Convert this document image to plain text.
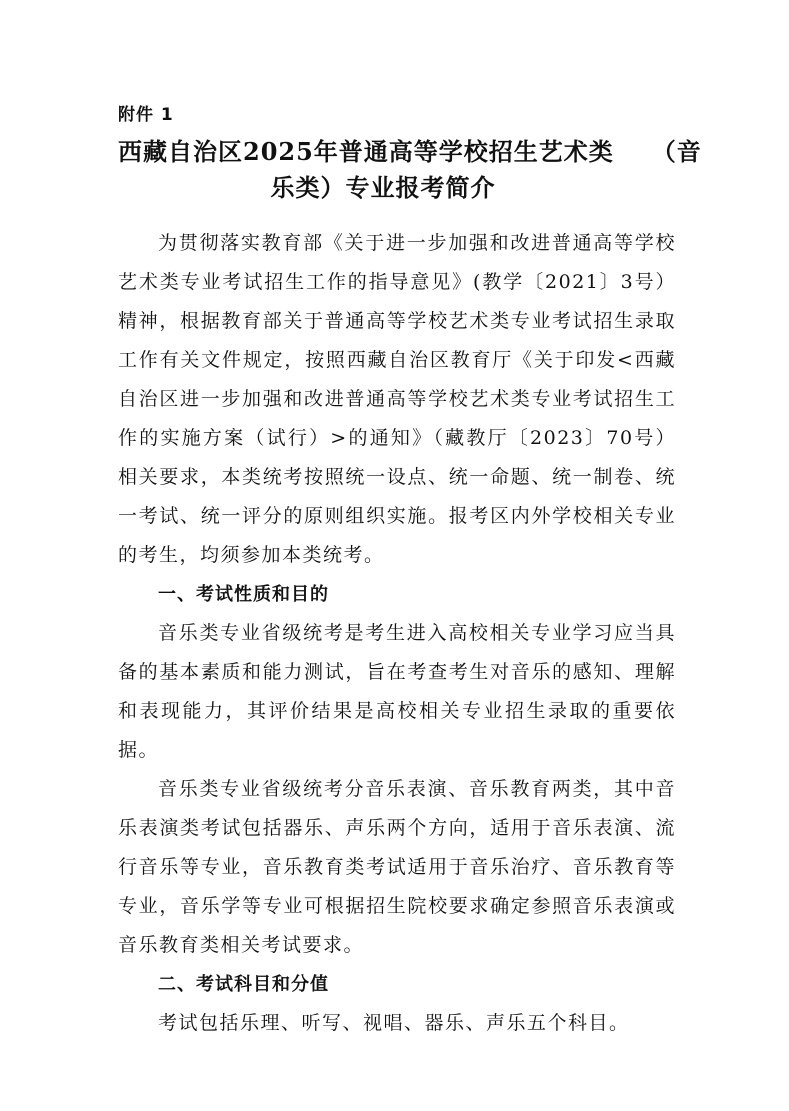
附件 1
西藏自治区2025年普通高等学校招生艺术类　　（音
乐类）专业报考简介

为贯彻落实教育部《关于进一步加强和改进普通高等学校艺术类专业考试招生工作的指导意见》(教学〔2021〕3号）精神，根据教育部关于普通高等学校艺术类专业考试招生录取工作有关文件规定，按照西藏自治区教育厅《关于印发<西藏自治区进一步加强和改进普通高等学校艺术类专业考试招生工作的实施方案（试行）>的通知》（藏教厅〔2023〕70号）相关要求，本类统考按照统一设点、统一命题、统一制卷、统一考试、统一评分的原则组织实施。报考区内外学校相关专业的考生，均须参加本类统考。

一、考试性质和目的

音乐类专业省级统考是考生进入高校相关专业学习应当具备的基本素质和能力测试，旨在考查考生对音乐的感知、理解和表现能力，其评价结果是高校相关专业招生录取的重要依据。

音乐类专业省级统考分音乐表演、音乐教育两类，其中音乐表演类考试包括器乐、声乐两个方向，适用于音乐表演、流行音乐等专业，音乐教育类考试适用于音乐治疗、音乐教育等专业，音乐学等专业可根据招生院校要求确定参照音乐表演或音乐教育类相关考试要求。

二、考试科目和分值

考试包括乐理、听写、视唱、器乐、声乐五个科目。
